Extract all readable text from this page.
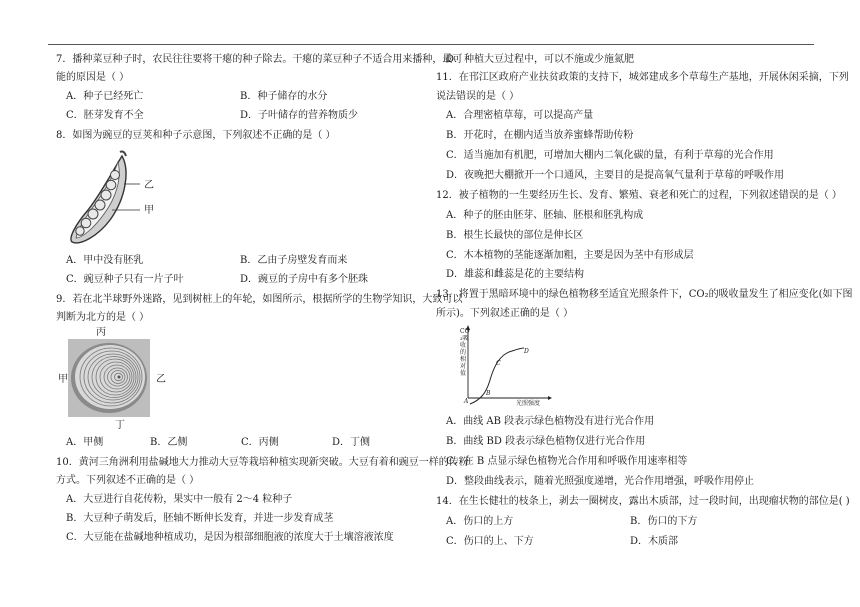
7．播种菜豆种子时，农民往往要将干瘪的种子除去。干瘪的菜豆种子不适合用来播种，最可
能的原因是（ ）
A．种子已经死亡	B．种子储存的水分
C．胚芽发育不全	D．子叶储存的营养物质少
8．如图为豌豆的豆荚和种子示意图，下列叙述不正确的是（ ）
乙
甲
A．甲中没有胚乳	B．乙由子房壁发育而来
C．豌豆种子只有一片子叶	D．豌豆的子房中有多个胚珠
9．若在北半球野外迷路，见到树桩上的年轮，如图所示，根据所学的生物学知识，大致可以
判断为北方的是（ ）
丙
甲	乙
丁
A．甲侧	B．乙侧	C．丙侧	D．丁侧
10．黄河三角洲利用盐碱地大力推动大豆等栽培种植实现新突破。大豆有着和豌豆一样的传粉
方式。下列叙述不正确的是（ ）
A．大豆进行自花传粉，果实中一般有 2～4 粒种子
B．大豆种子萌发后，胚轴不断伸长发育，并进一步发育成茎
C．大豆能在盐碱地种植成功，是因为根部细胞液的浓度大于土壤溶液浓度
D．种植大豆过程中，可以不施或少施氮肥
11．在邗江区政府产业扶贫政策的支持下，城郊建成多个草莓生产基地，开展休闲采摘，下列
说法错误的是（ ）
A．合理密植草莓，可以提高产量
B．开花时，在棚内适当放养蜜蜂帮助传粉
C．适当施加有机肥，可增加大棚内二氧化碳的量，有利于草莓的光合作用
D．夜晚把大棚掀开一个口通风，主要目的是提高氧气量利于草莓的呼吸作用
12．被子植物的一生要经历生长、发育、繁殖、衰老和死亡的过程，下列叙述错误的是（ ）
A．种子的胚由胚芽、胚轴、胚根和胚乳构成
B．根生长最快的部位是伸长区
C．木本植物的茎能逐渐加粗，主要是因为茎中有形成层
D．雄蕊和雌蕊是花的主要结构
13．将置于黑暗环境中的绿色植物移至适宜光照条件下，CO₂的吸收量发生了相应变化(如下图
所示)。下列叙述正确的是（ ）
CO₂吸收的相对值
光照强度
A
B
C
D
A．曲线 AB 段表示绿色植物没有进行光合作用
B．曲线 BD 段表示绿色植物仅进行光合作用
C．在 B 点显示绿色植物光合作用和呼吸作用速率相等
D．整段曲线表示，随着光照强度递增，光合作用增强，呼吸作用停止
14．在生长健壮的枝条上，剥去一圈树皮，露出木质部，过一段时间，出现瘤状物的部位是( )
A．伤口的上方	B．伤口的下方
C．伤口的上、下方	D．木质部
